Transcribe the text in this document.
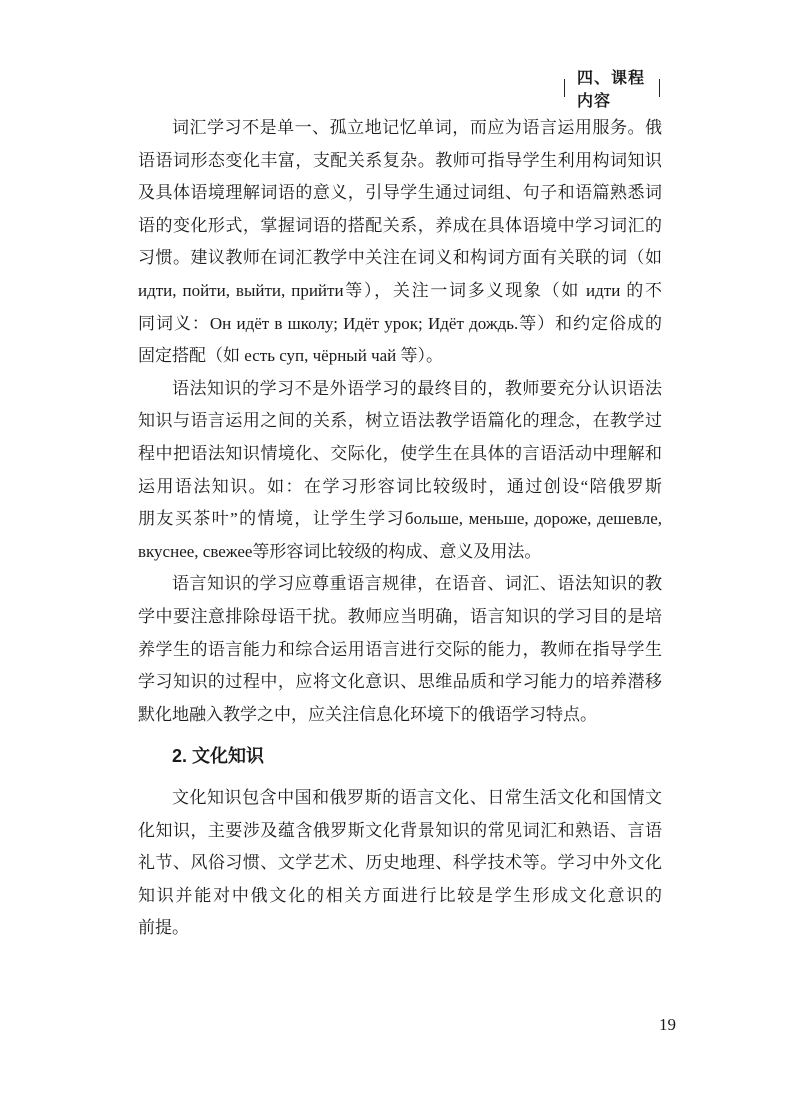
四、课程内容
词汇学习不是单一、孤立地记忆单词，而应为语言运用服务。俄
语语词形态变化丰富，支配关系复杂。教师可指导学生利用构词知识
及具体语境理解词语的意义，引导学生通过词组、句子和语篇熟悉词
语的变化形式，掌握词语的搭配关系，养成在具体语境中学习词汇的
习惯。建议教师在词汇教学中关注在词义和构词方面有关联的词（如
идти, пойти, выйти, прийти等），关注一词多义现象（如 идти 的不
同词义：Он идёт в школу; Идёт урок; Идёт дождь.等）和约定俗成的
固定搭配（如 есть суп, чёрный чай 等）。
语法知识的学习不是外语学习的最终目的，教师要充分认识语法
知识与语言运用之间的关系，树立语法教学语篇化的理念，在教学过
程中把语法知识情境化、交际化，使学生在具体的言语活动中理解和
运用语法知识。如：在学习形容词比较级时，通过创设“陪俄罗斯
朋友买茶叶”的情境，让学生学习больше, меньше, дороже, дешевле,
вкуснее, свежее等形容词比较级的构成、意义及用法。
语言知识的学习应尊重语言规律，在语音、词汇、语法知识的教
学中要注意排除母语干扰。教师应当明确，语言知识的学习目的是培
养学生的语言能力和综合运用语言进行交际的能力，教师在指导学生
学习知识的过程中，应将文化意识、思维品质和学习能力的培养潜移
默化地融入教学之中，应关注信息化环境下的俄语学习特点。
2. 文化知识
文化知识包含中国和俄罗斯的语言文化、日常生活文化和国情文
化知识，主要涉及蕴含俄罗斯文化背景知识的常见词汇和熟语、言语
礼节、风俗习惯、文学艺术、历史地理、科学技术等。学习中外文化
知识并能对中俄文化的相关方面进行比较是学生形成文化意识的
前提。
19
